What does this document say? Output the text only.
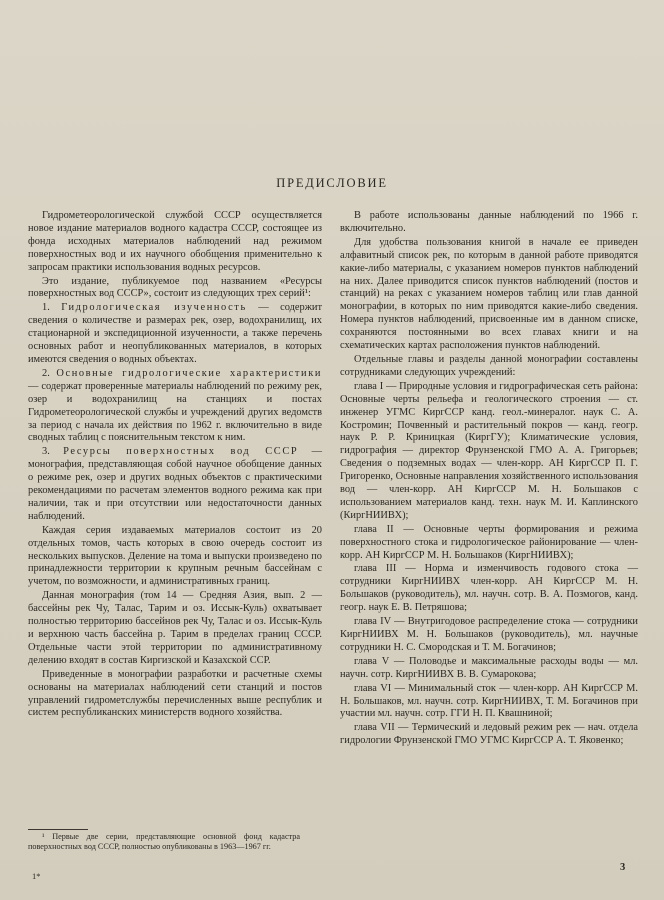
ПРЕДИСЛОВИЕ

Гидрометеорологической службой СССР осуществляется новое издание материалов водного кадастра СССР, состоящее из фонда исходных материалов наблюдений над режимом поверхностных вод и их научного обобщения применительно к запросам практики использования водных ресурсов.

Это издание, публикуемое под названием «Ресурсы поверхностных вод СССР», состоит из следующих трех серий¹:

1. Гидрологическая изученность — содержит сведения о количестве и размерах рек, озер, водохранилищ, их стационарной и экспедиционной изученности, а также перечень основных работ и неопубликованных материалов, в которых имеются сведения о водных объектах.

2. Основные гидрологические характеристики — содержат проверенные материалы наблюдений по режиму рек, озер и водохранилищ на станциях и постах Гидрометеорологической службы и учреждений других ведомств за период с начала их действия по 1962 г. включительно в виде сводных таблиц с пояснительным текстом к ним.

3. Ресурсы поверхностных вод СССР — монография, представляющая собой научное обобщение данных о режиме рек, озер и других водных объектов с практическими рекомендациями по расчетам элементов водного режима как при наличии, так и при отсутствии или недостаточности данных наблюдений.

Каждая серия издаваемых материалов состоит из 20 отдельных томов, часть которых в свою очередь состоит из нескольких выпусков. Деление на тома и выпуски произведено по принадлежности территории к крупным речным бассейнам с учетом, по возможности, и административных границ.

Данная монография (том 14 — Средняя Азия, вып. 2 — бассейны рек Чу, Талас, Тарим и оз. Иссык-Куль) охватывает полностью территорию бассейнов рек Чу, Талас и оз. Иссык-Куль и верхнюю часть бассейна р. Тарим в пределах границ СССР. Отдельные части этой территории по административному делению входят в состав Киргизской и Казахской ССР.

Приведенные в монографии разработки и расчетные схемы основаны на материалах наблюдений сети станций и постов управлений гидрометслужбы перечисленных выше республик и систем республиканских министерств водного хозяйства.

В работе использованы данные наблюдений по 1966 г. включительно.

Для удобства пользования книгой в начале ее приведен алфавитный список рек, по которым в данной работе приводятся какие-либо материалы, с указанием номеров пунктов наблюдений на них. Далее приводится список пунктов наблюдений (постов и станций) на реках с указанием номеров таблиц или глав данной монографии, в которых по ним приводятся какие-либо сведения. Номера пунктов наблюдений, присвоенные им в данном списке, сохраняются постоянными во всех главах книги и на схематических картах расположения пунктов наблюдений.

Отдельные главы и разделы данной монографии составлены сотрудниками следующих учреждений:

глава I — Природные условия и гидрографическая сеть района: Основные черты рельефа и геологического строения — ст. инженер УГМС КиргССР канд. геол.-минералог. наук С. А. Костромин; Почвенный и растительный покров — канд. геогр. наук Р. Р. Криницкая (КиргГУ); Климатические условия, гидрография — директор Фрунзенской ГМО А. А. Григорьев; Сведения о подземных водах — член-корр. АН КиргССР П. Г. Григоренко, Основные направления хозяйственного использования вод — член-корр. АН КиргССР М. Н. Большаков с использованием материалов канд. техн. наук М. И. Каплинского (КиргНИИВХ);

глава II — Основные черты формирования и режима поверхностного стока и гидрологическое районирование — член-корр. АН КиргССР М. Н. Большаков (КиргНИИВХ);

глава III — Норма и изменчивость годового стока — сотрудники КиргНИИВХ член-корр. АН КиргССР М. Н. Большаков (руководитель), мл. научн. сотр. В. А. Позмогов, канд. геогр. наук Е. В. Петряшова;

глава IV — Внутригодовое распределение стока — сотрудники КиргНИИВХ М. Н. Большаков (руководитель), мл. научные сотрудники Н. С. Смородская и Т. М. Богачинов;

глава V — Половодье и максимальные расходы воды — мл. научн. сотр. КиргНИИВХ В. В. Сумарокова;

глава VI — Минимальный сток — член-корр. АН КиргССР М. Н. Большаков, мл. научн. сотр. КиргНИИВХ, Т. М. Богачинов при участии мл. научн. сотр. ГГИ Н. П. Квашниной;

глава VII — Термический и ледовый режим рек — нач. отдела гидрологии Фрунзенской ГМО УГМС КиргССР А. Т. Яковенко;

¹ Первые две серии, представляющие основной фонд кадастра поверхностных вод СССР, полностью опубликованы в 1963—1967 гг.

1*
3
